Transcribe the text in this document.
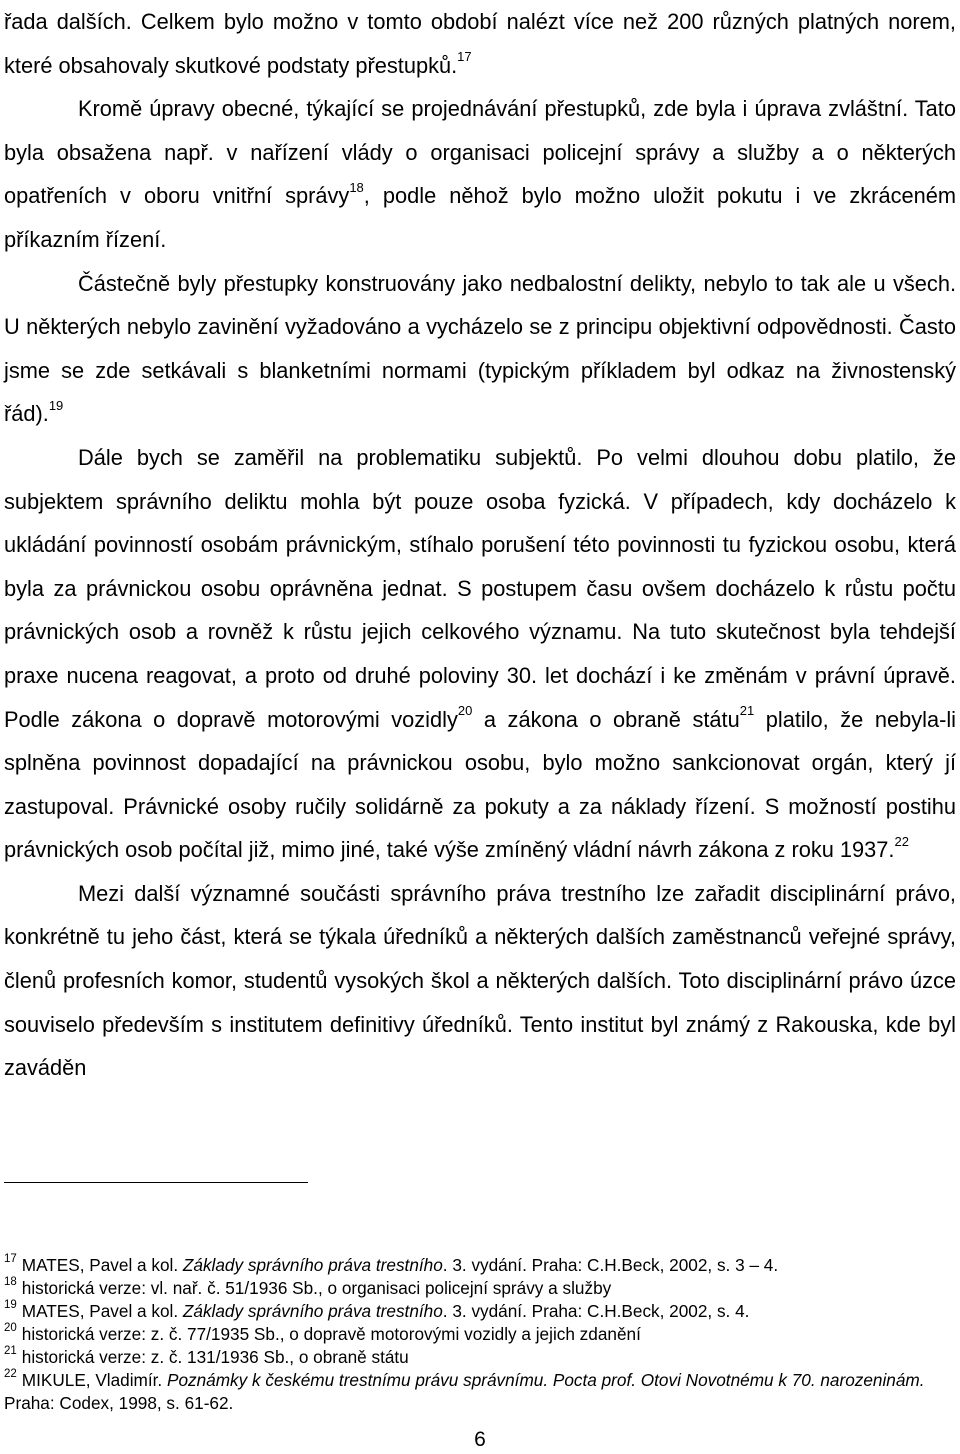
řada dalších. Celkem bylo možno v tomto období nalézt více než 200 různých platných norem, které obsahovaly skutkové podstaty přestupků.$^{17}$

Kromě úpravy obecné, týkající se projednávání přestupků, zde byla i úprava zvláštní. Tato byla obsažena např. v nařízení vlády o organisaci policejní správy a služby a o některých opatřeních v oboru vnitřní správy$^{18}$, podle něhož bylo možno uložit pokutu i ve zkráceném příkazním řízení.

Částečně byly přestupky konstruovány jako nedbalostní delikty, nebylo to tak ale u všech. U některých nebylo zavinění vyžadováno a vycházelo se z principu objektivní odpovědnosti. Často jsme se zde setkávali s blanketními normami (typickým příkladem byl odkaz na živnostenský řád).$^{19}$

Dále bych se zaměřil na problematiku subjektů. Po velmi dlouhou dobu platilo, že subjektem správního deliktu mohla být pouze osoba fyzická. V případech, kdy docházelo k ukládání povinností osobám právnickým, stíhalo porušení této povinnosti tu fyzickou osobu, která byla za právnickou osobu oprávněna jednat. S postupem času ovšem docházelo k růstu počtu právnických osob a rovněž k růstu jejich celkového významu. Na tuto skutečnost byla tehdejší praxe nucena reagovat, a proto od druhé poloviny 30. let dochází i ke změnám v právní úpravě. Podle zákona o dopravě motorovými vozidly$^{20}$ a zákona o obraně státu$^{21}$ platilo, že nebyla-li splněna povinnost dopadající na právnickou osobu, bylo možno sankcionovat orgán, který jí zastupoval. Právnické osoby ručily solidárně za pokuty a za náklady řízení. S možností postihu právnických osob počítal již, mimo jiné, také výše zmíněný vládní návrh zákona z roku 1937.22

Mezi další významné součásti správního práva trestního lze zařadit disciplinární právo, konkrétně tu jeho část, která se týkala úředníků a některých dalších zaměstnanců veřejné správy, členů profesních komor, studentů vysokých škol a některých dalších. Toto disciplinární právo úzce souviselo především s institutem definitivy úředníků. Tento institut byl známý z Rakouska, kde byl zaváděn

$^{17}$ MATES, Pavel a kol. Základy správního práva trestního. 3. vydání. Praha: C.H.Beck, 2002, s. 3 – 4.
$^{18}$ historická verze: vl. nař. č. 51/1936 Sb., o organisaci policejní správy a služby
$^{19}$ MATES, Pavel a kol. Základy správního práva trestního. 3. vydání. Praha: C.H.Beck, 2002, s. 4.
$^{20}$ historická verze: z. č. 77/1935 Sb., o dopravě motorovými vozidly a jejich zdanění
$^{21}$ historická verze: z. č. 131/1936 Sb., o obraně státu
$^{22}$ MIKULE, Vladimír. Poznámky k českému trestnímu právu správnímu. Pocta prof. Otovi Novotnému k 70. narozeninám. Praha: Codex, 1998, s. 61-62.
6
